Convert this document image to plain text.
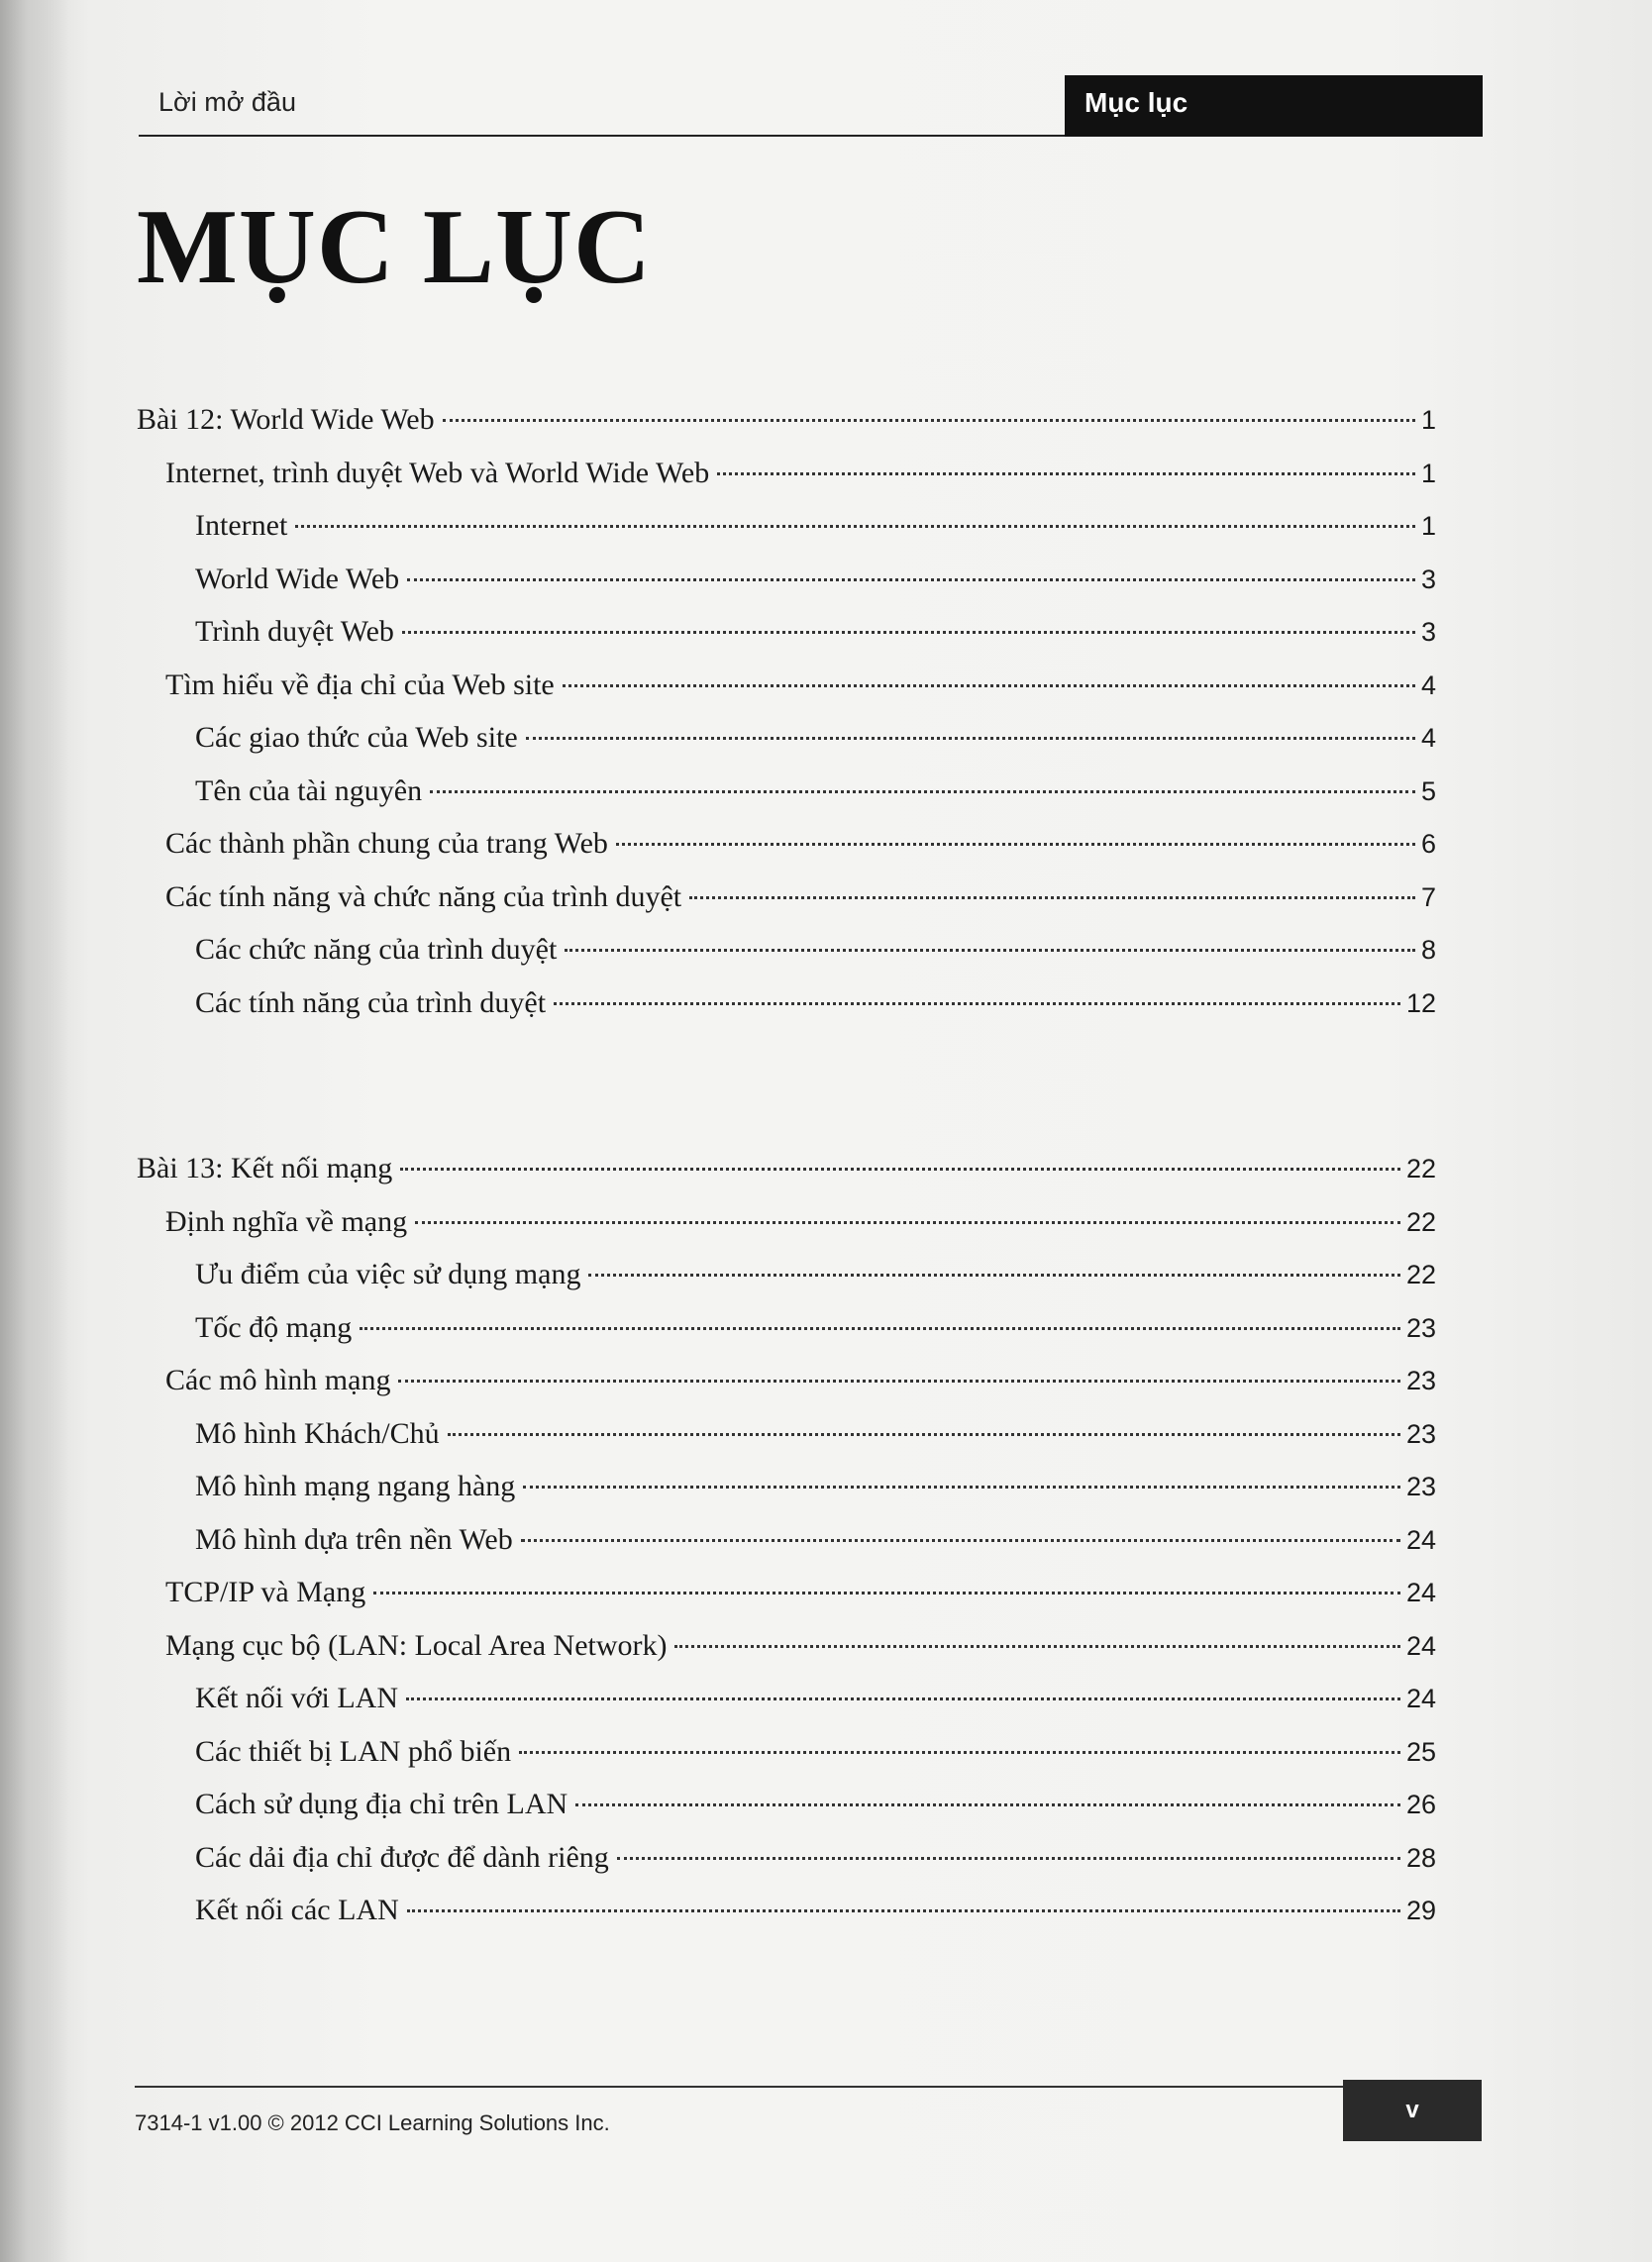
Lời mở đầu	Mục lục
MỤC LỤC
Bài 12: World Wide Web	1
Internet, trình duyệt Web và World Wide Web	1
Internet	1
World Wide Web	3
Trình duyệt Web	3
Tìm hiểu về địa chỉ của Web site	4
Các giao thức của Web site	4
Tên của tài nguyên	5
Các thành phần chung của trang Web	6
Các tính năng và chức năng của trình duyệt	7
Các chức năng của trình duyệt	8
Các tính năng của trình duyệt	12
Bài 13: Kết nối mạng	22
Định nghĩa về mạng	22
Ưu điểm của việc sử dụng mạng	22
Tốc độ mạng	23
Các mô hình mạng	23
Mô hình Khách/Chủ	23
Mô hình mạng ngang hàng	23
Mô hình dựa trên nền Web	24
TCP/IP và Mạng	24
Mạng cục bộ (LAN: Local Area Network)	24
Kết nối với LAN	24
Các thiết bị LAN phổ biến	25
Cách sử dụng địa chỉ trên LAN	26
Các dải địa chỉ được để dành riêng	28
Kết nối các LAN	29
7314-1 v1.00 © 2012 CCI Learning Solutions Inc.	v
